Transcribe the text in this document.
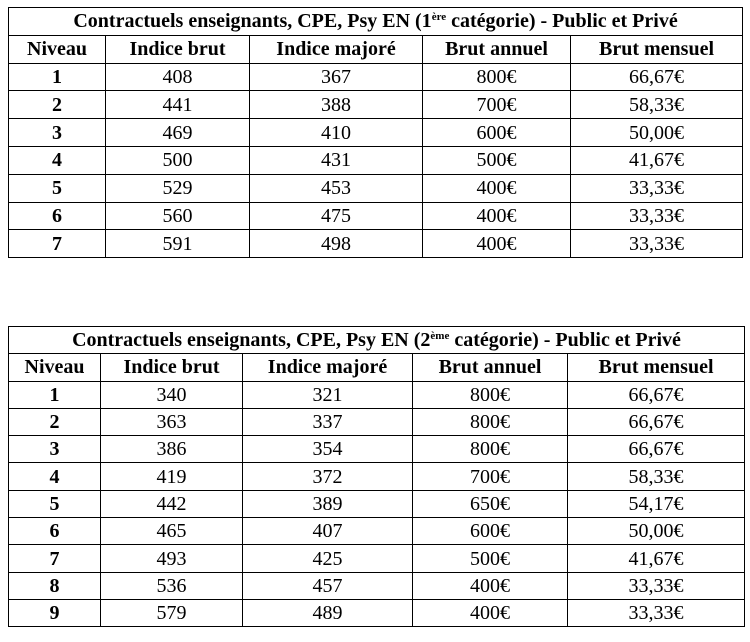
Contractuels enseignants, CPE, Psy EN (1ère catégorie) - Public et Privé				
Niveau	Indice brut	Indice majoré	Brut annuel	Brut mensuel
1	408	367	800€	66,67€
2	441	388	700€	58,33€
3	469	410	600€	50,00€
4	500	431	500€	41,67€
5	529	453	400€	33,33€
6	560	475	400€	33,33€
7	591	498	400€	33,33€
Contractuels enseignants, CPE, Psy EN (2ème catégorie) - Public et Privé				
Niveau	Indice brut	Indice majoré	Brut annuel	Brut mensuel
1	340	321	800€	66,67€
2	363	337	800€	66,67€
3	386	354	800€	66,67€
4	419	372	700€	58,33€
5	442	389	650€	54,17€
6	465	407	600€	50,00€
7	493	425	500€	41,67€
8	536	457	400€	33,33€
9	579	489	400€	33,33€
